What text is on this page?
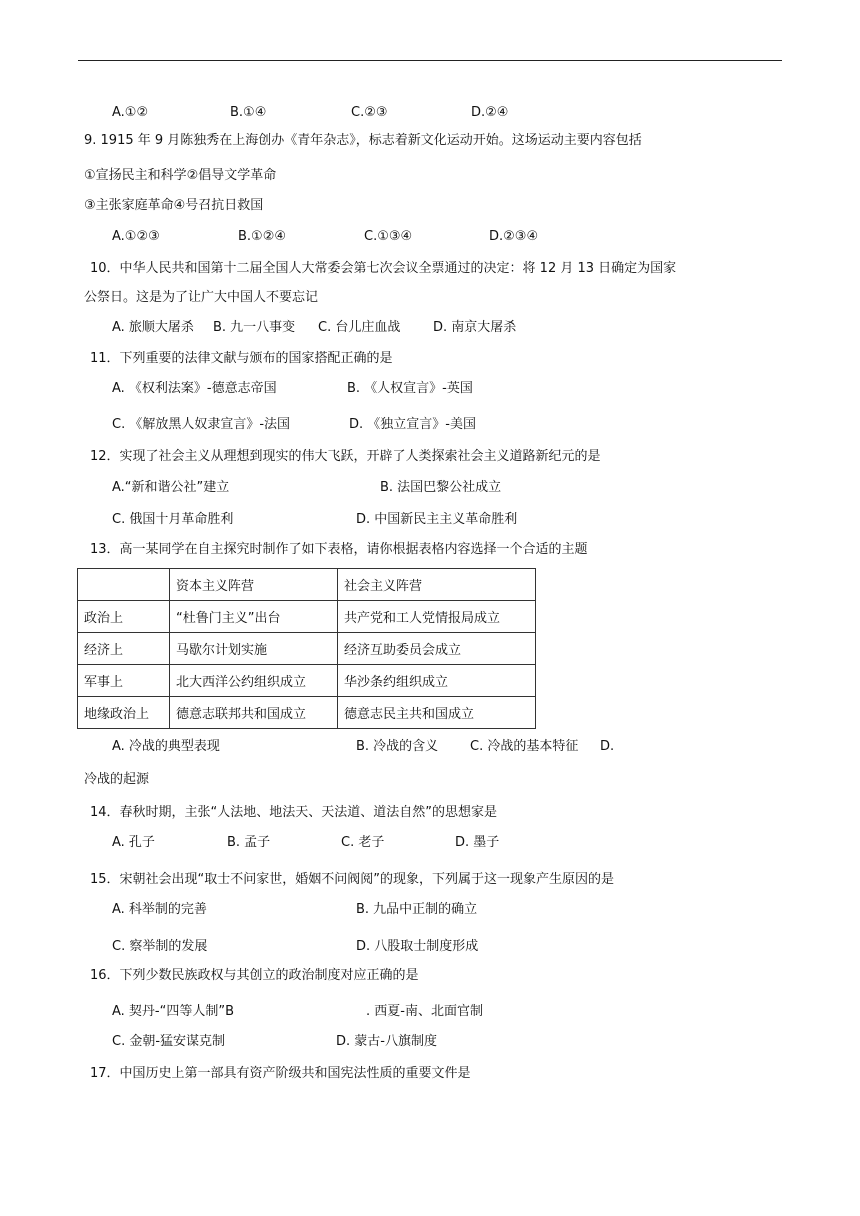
A.①②	B.①④	C.②③	D.②④
9. 1915 年 9 月陈独秀在上海创办《青年杂志》，标志着新文化运动开始。这场运动主要内容包括
①宣扬民主和科学②倡导文学革命
③主张家庭革命④号召抗日救国
A.①②③	B.①②④	C.①③④	D.②③④
10．中华人民共和国第十二届全国人大常委会第七次会议全票通过的决定：将 12 月 13 日确定为国家
公祭日。这是为了让广大中国人不要忘记
A. 旅顺大屠杀 B. 九一八事变 C. 台儿庄血战	D. 南京大屠杀
11．下列重要的法律文献与颁布的国家搭配正确的是
A. 《权利法案》-德意志帝国	B. 《人权宣言》-英国
C. 《解放黑人奴隶宣言》-法国	D. 《独立宣言》-美国
12．实现了社会主义从理想到现实的伟大飞跃，开辟了人类探索社会主义道路新纪元的是
A.“新和谐公社”建立	B. 法国巴黎公社成立
C. 俄国十月革命胜利	D. 中国新民主主义革命胜利
13．高一某同学在自主探究时制作了如下表格，请你根据表格内容选择一个合适的主题
	资本主义阵营	社会主义阵营
政治上	“杜鲁门主义”出台	共产党和工人党情报局成立
经济上	马歇尔计划实施	经济互助委员会成立
军事上	北大西洋公约组织成立	华沙条约组织成立
地缘政治上	德意志联邦共和国成立	德意志民主共和国成立
A. 冷战的典型表现	B. 冷战的含义 C. 冷战的基本特征 D.
冷战的起源
14．春秋时期，主张“人法地、地法天、天法道、道法自然”的思想家是
A. 孔子	B. 孟子	C. 老子	D. 墨子
15．宋朝社会出现“取士不问家世，婚姻不问阀阅”的现象，下列属于这一现象产生原因的是
A. 科举制的完善	B. 九品中正制的确立
C. 察举制的发展	D. 八股取士制度形成
16．下列少数民族政权与其创立的政治制度对应正确的是
A. 契丹-“四等人制”B	. 西夏-南、北面官制
C. 金朝-猛安谋克制	D. 蒙古-八旗制度
17．中国历史上第一部具有资产阶级共和国宪法性质的重要文件是
